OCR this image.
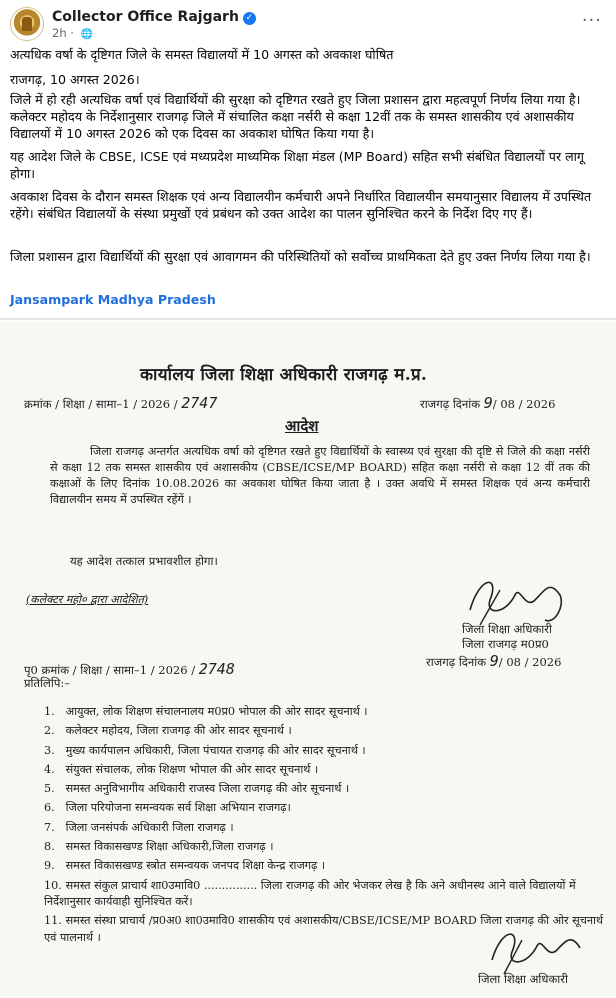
Collector Office Rajgarh ✓
2h · 🌐
···
अत्यधिक वर्षा के दृष्टिगत जिले के समस्त विद्यालयों में 10 अगस्त को अवकाश घोषित
राजगढ़, 10 अगस्त 2026।
जिले में हो रही अत्यधिक वर्षा एवं विद्यार्थियों की सुरक्षा को दृष्टिगत रखते हुए जिला प्रशासन द्वारा महत्वपूर्ण निर्णय लिया गया है। कलेक्टर महोदय के निर्देशानुसार राजगढ़ जिले में संचालित कक्षा नर्सरी से कक्षा 12वीं तक के समस्त शासकीय एवं अशासकीय विद्यालयों में 10 अगस्त 2026 को एक दिवस का अवकाश घोषित किया गया है।
यह आदेश जिले के CBSE, ICSE एवं मध्यप्रदेश माध्यमिक शिक्षा मंडल (MP Board) सहित सभी संबंधित विद्यालयों पर लागू होगा।
अवकाश दिवस के दौरान समस्त शिक्षक एवं अन्य विद्यालयीन कर्मचारी अपने निर्धारित विद्यालयीन समयानुसार विद्यालय में उपस्थित रहेंगे। संबंधित विद्यालयों के संस्था प्रमुखों एवं प्रबंधन को उक्त आदेश का पालन सुनिश्चित करने के निर्देश दिए गए हैं।
जिला प्रशासन द्वारा विद्यार्थियों की सुरक्षा एवं आवागमन की परिस्थितियों को सर्वोच्च प्राथमिकता देते हुए उक्त निर्णय लिया गया है।
Jansampark Madhya Pradesh
कार्यालय जिला शिक्षा अधिकारी राजगढ़ म.प्र.
क्रमांक / शिक्षा / सामा–1 / 2026 / 2747	राजगढ़ दिनांक 9/ 08 / 2026
आदेश
जिला राजगढ़ अन्तर्गत अत्यधिक वर्षा को दृष्टिगत रखते हुए विद्यार्थियों के स्वास्थ्य एवं सुरक्षा की दृष्टि से जिले की कक्षा नर्सरी से कक्षा 12 तक समस्त शासकीय एवं अशासकीय (CBSE/ICSE/MP BOARD) सहित कक्षा नर्सरी से कक्षा 12 वीं तक की कक्षाओं के लिए दिनांक 10.08.2026 का अवकाश घोषित किया जाता है । उक्त अवधि में समस्त शिक्षक एवं अन्य कर्मचारी विद्यालयीन समय में उपस्थित रहेंगें ।
यह आदेश तत्काल प्रभावशील होगा।
(कलेक्टर महो० द्वारा आदेशित)
जिला शिक्षा अधिकारी
जिला राजगढ़ म0प्र0
राजगढ़ दिनांक 9/ 08 / 2026
पृ0 क्रमांक / शिक्षा / सामा–1 / 2026 / 2748
प्रतिलिपि:–
1. आयुक्त, लोक शिक्षण संचालनालय म0प्र0 भोपाल की ओर सादर सूचनार्थ ।
2. कलेक्टर महोदय, जिला राजगढ़ की ओर सादर सूचनार्थ ।
3. मुख्य कार्यपालन अधिकारी, जिला पंचायत राजगढ़ की ओर सादर सूचनार्थ ।
4. संयुक्त संचालक, लोक शिक्षण भोपाल की ओर सादर सूचनार्थ ।
5. समस्त अनुविभागीय अधिकारी राजस्व जिला राजगढ़ की ओर सूचनार्थ ।
6. जिला परियोजना समन्वयक सर्व शिक्षा अभियान राजगढ़।
7. जिला जनसंपर्क अधिकारी जिला राजगढ़ ।
8. समस्त विकासखण्ड शिक्षा अधिकारी,जिला राजगढ़ ।
9. समस्त विकासखण्ड स्त्रोत समन्वयक जनपद शिक्षा केन्द्र राजगढ़ ।
10. समस्त संकुल प्राचार्य शा0उमावि0 ............... जिला राजगढ़ की ओर भेजकर लेख है कि अने अधीनस्थ आने वाले विद्यालयों में निर्देशानुसार कार्यवाही सुनिश्चित करें।
11. समस्त संस्था प्राचार्य /प्र0अ0 शा0उमावि0 शासकीय एवं अशासकीय/CBSE/ICSE/MP BOARD जिला राजगढ़ की ओर सूचनार्थ एवं पालनार्थ ।
जिला शिक्षा अधिकारी
